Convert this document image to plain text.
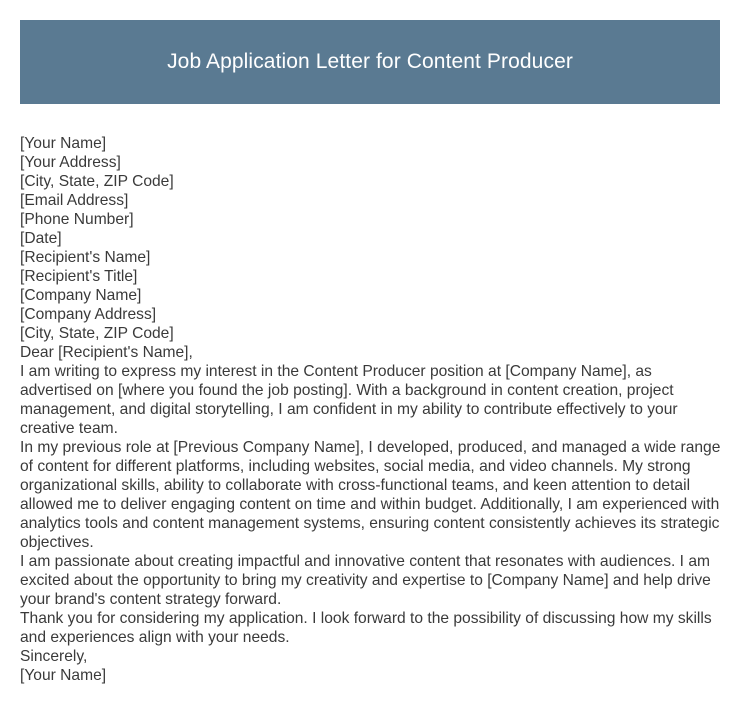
Job Application Letter for Content Producer
[Your Name]
[Your Address]
[City, State, ZIP Code]
[Email Address]
[Phone Number]
[Date]
[Recipient's Name]
[Recipient's Title]
[Company Name]
[Company Address]
[City, State, ZIP Code]
Dear [Recipient's Name],

I am writing to express my interest in the Content Producer position at [Company Name], as advertised on [where you found the job posting]. With a background in content creation, project management, and digital storytelling, I am confident in my ability to contribute effectively to your creative team.

In my previous role at [Previous Company Name], I developed, produced, and managed a wide range of content for different platforms, including websites, social media, and video channels. My strong organizational skills, ability to collaborate with cross-functional teams, and keen attention to detail allowed me to deliver engaging content on time and within budget. Additionally, I am experienced with analytics tools and content management systems, ensuring content consistently achieves its strategic objectives.

I am passionate about creating impactful and innovative content that resonates with audiences. I am excited about the opportunity to bring my creativity and expertise to [Company Name] and help drive your brand's content strategy forward.

Thank you for considering my application. I look forward to the possibility of discussing how my skills and experiences align with your needs.

Sincerely,
[Your Name]
